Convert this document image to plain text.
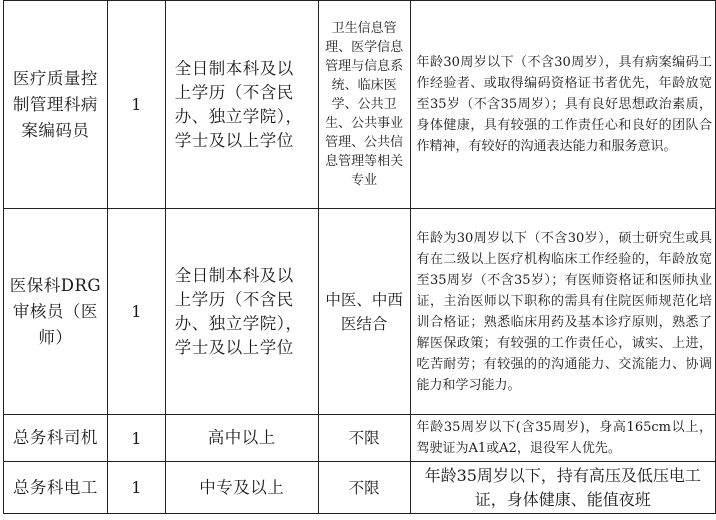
医疗质量控制管理科病案编码员	1	全日制本科及以上学历（不含民办、独立学院），学士及以上学位	卫生信息管理、医学信息管理与信息系统、临床医学、公共卫生、公共事业管理、公共信息管理等相关专业	年龄30周岁以下（不含30周岁），具有病案编码工作经验者、或取得编码资格证书者优先，年龄放宽至35岁（不含35周岁）；具有良好思想政治素质，身体健康，具有较强的工作责任心和良好的团队合作精神，有较好的沟通表达能力和服务意识。
医保科DRG审核员（医师）	1	全日制本科及以上学历（不含民办、独立学院），学士及以上学位	中医、中西医结合	年龄为30周岁以下（不含30岁），硕士研究生或具有在二级以上医疗机构临床工作经验的，年龄放宽至35周岁（不含35岁）；有医师资格证和医师执业证，主治医师以下职称的需具有住院医师规范化培训合格证；熟悉临床用药及基本诊疗原则，熟悉了解医保政策；有较强的工作责任心，诚实、上进，吃苦耐劳；有较强的的沟通能力、交流能力、协调能力和学习能力。
总务科司机	1	高中以上	不限	年龄35周岁以下(含35周岁)，身高165cm以上，驾驶证为A1或A2，退役军人优先。
总务科电工	1	中专及以上	不限	年龄35周岁以下，持有高压及低压电工证，身体健康、能值夜班
